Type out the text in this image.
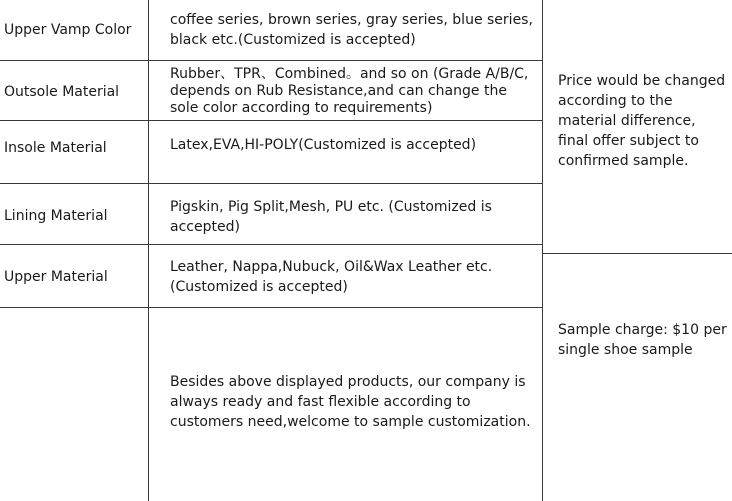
Upper Vamp Color
Outsole Material
Insole Material
Lining Material
Upper Material
coffee series, brown series, gray series, blue series, black etc.(Customized is accepted)
Rubber、TPR、Combined。and so on (Grade A/B/C, depends on Rub Resistance,and can change the sole color according to requirements)
Latex,EVA,HI-POLY(Customized is accepted)
Pigskin, Pig Split,Mesh, PU etc. (Customized is accepted)
Leather, Nappa,Nubuck, Oil&Wax Leather etc. (Customized is accepted)
Besides above displayed products, our company is always ready and fast flexible according to customers need,welcome to sample customization.
Price would be changed according to the material difference, final offer subject to confirmed sample.
Sample charge: $10 per single shoe sample
